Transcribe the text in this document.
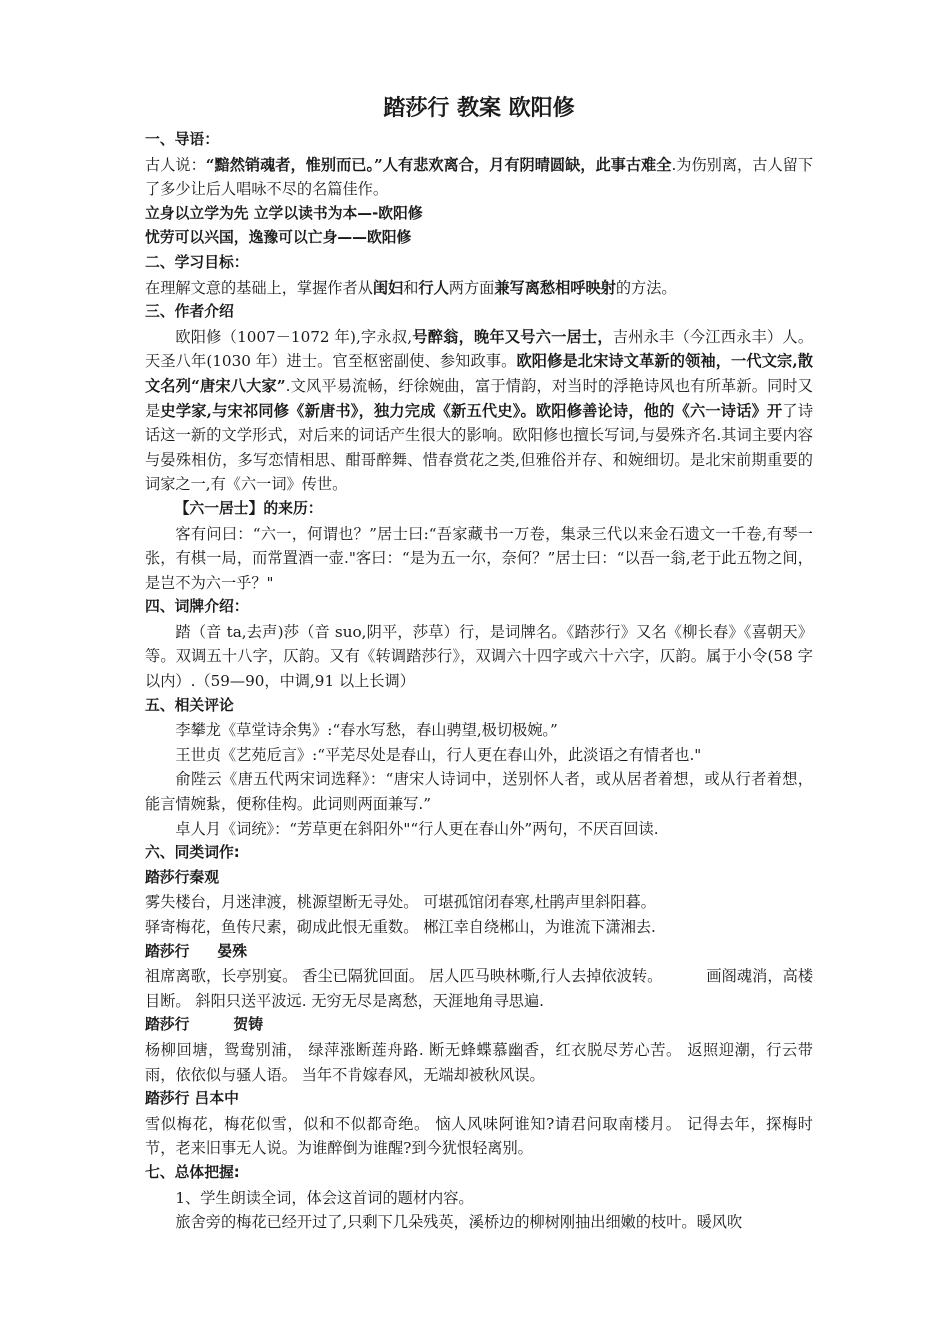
踏莎行 教案 欧阳修
一、导语：

古人说：“黯然销魂者，惟别而已。”人有悲欢离合，月有阴晴圆缺，此事古难全.为伤别离，古人留下了多少让后人唱咏不尽的名篇佳作。

立身以立学为先 立学以读书为本—-欧阳修

忧劳可以兴国，逸豫可以亡身——欧阳修

二、学习目标：

在理解文意的基础上，掌握作者从闺妇和行人两方面兼写离愁相呼映射的方法。

三、作者介绍

欧阳修（1007－1072 年),字永叔,号醉翁，晚年又号六一居士，吉州永丰（今江西永丰）人。天圣八年(1030 年）进士。官至枢密副使、参知政事。欧阳修是北宋诗文革新的领袖，一代文宗,散文名列“唐宋八大家”.文风平易流畅，纡徐婉曲，富于情韵，对当时的浮艳诗风也有所革新。同时又是史学家,与宋祁同修《新唐书》，独力完成《新五代史》。欧阳修善论诗，他的《六一诗话》开了诗话这一新的文学形式，对后来的词话产生很大的影响。欧阳修也擅长写词,与晏殊齐名.其词主要内容与晏殊相仿，多写恋情相思、酣哥醉舞、惜春赏花之类,但雅俗并存、和婉细切。是北宋前期重要的词家之一,有《六一词》传世。

【六一居士】的来历：

客有问曰：“六一，何谓也？”居士曰:“吾家藏书一万卷，集录三代以来金石遗文一千卷,有琴一张，有棋一局，而常置酒一壶."客曰：“是为五一尔，奈何？”居士曰：“以吾一翁,老于此五物之间，是岂不为六一乎？"

四、词牌介绍：

踏（音 ta,去声)莎（音 suo,阴平，莎草）行，是词牌名。《踏莎行》又名《柳长春》《喜朝天》等。双调五十八字，仄韵。又有《转调踏莎行》，双调六十四字或六十六字，仄韵。属于小令(58 字以内）.（59—90，中调,91 以上长调）

五、相关评论

李攀龙《草堂诗余隽》:“春水写愁，春山骋望,极切极婉。”

王世贞《艺苑卮言》:“平芜尽处是春山，行人更在春山外，此淡语之有情者也."

俞陛云《唐五代两宋词选释》：“唐宋人诗词中，送别怀人者，或从居者着想，或从行者着想，能言情婉紥，便称佳构。此词则两面兼写.”

卓人月《词统》：“芳草更在斜阳外"“行人更在春山外”两句，不厌百回读.

六、同类词作:

踏莎行秦观

雾失楼台，月迷津渡，桃源望断无寻处。 可堪孤馆闭春寒,杜鹃声里斜阳暮。

驿寄梅花，鱼传尺素，砌成此恨无重数。 郴江幸自绕郴山，为谁流下潇湘去.

踏莎行 晏殊

祖席离歌，长亭别宴。 香尘已隔犹回面。 居人匹马映林嘶,行人去掉依波转。	画阁魂消，高楼目断。 斜阳只送平波远. 无穷无尽是离愁，天涯地角寻思遍.

踏莎行	贺铸

杨柳回塘，鸳鸯别浦， 绿萍涨断莲舟路. 断无蜂蝶慕幽香，红衣脱尽芳心苦。 返照迎潮，行云带雨，依依似与骚人语。 当年不肯嫁春风，无端却被秋风误。

踏莎行 吕本中

雪似梅花，梅花似雪，似和不似都奇绝。 恼人风味阿谁知?请君问取南楼月。 记得去年，探梅时节，老来旧事无人说。为谁醉倒为谁醒?到今犹恨轻离别。

七、总体把握:

1、学生朗读全词，体会这首词的题材内容。

旅舍旁的梅花已经开过了,只剩下几朵残英，溪桥边的柳树刚抽出细嫩的枝叶。暖风吹
